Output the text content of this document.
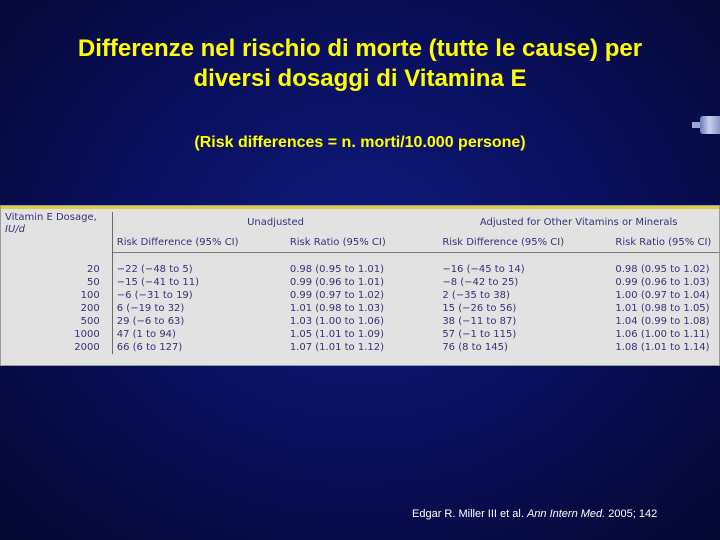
Differenze nel rischio di morte (tutte le cause) per
diversi dosaggi di Vitamina E
(Risk differences = n. morti/10.000 persone)
Vitamin E Dosage,
IU/d	Unadjusted		Adjusted for Other Vitamins or Minerals	
	Risk Difference (95% CI)	Risk Ratio (95% CI)	Risk Difference (95% CI)	Risk Ratio (95% CI)

20	−22 (−48 to 5)	0.98 (0.95 to 1.01)	−16 (−45 to 14)	0.98 (0.95 to 1.02)
50	−15 (−41 to 11)	0.99 (0.96 to 1.01)	−8 (−42 to 25)	0.99 (0.96 to 1.03)
100	−6 (−31 to 19)	0.99 (0.97 to 1.02)	2 (−35 to 38)	1.00 (0.97 to 1.04)
200	6 (−19 to 32)	1.01 (0.98 to 1.03)	15 (−26 to 56)	1.01 (0.98 to 1.05)
500	29 (−6 to 63)	1.03 (1.00 to 1.06)	38 (−11 to 87)	1.04 (0.99 to 1.08)
1000	47 (1 to 94)	1.05 (1.01 to 1.09)	57 (−1 to 115)	1.06 (1.00 to 1.11)
2000	66 (6 to 127)	1.07 (1.01 to 1.12)	76 (8 to 145)	1.08 (1.01 to 1.14)
Edgar R. Miller III et al. Ann Intern Med. 2005; 142
